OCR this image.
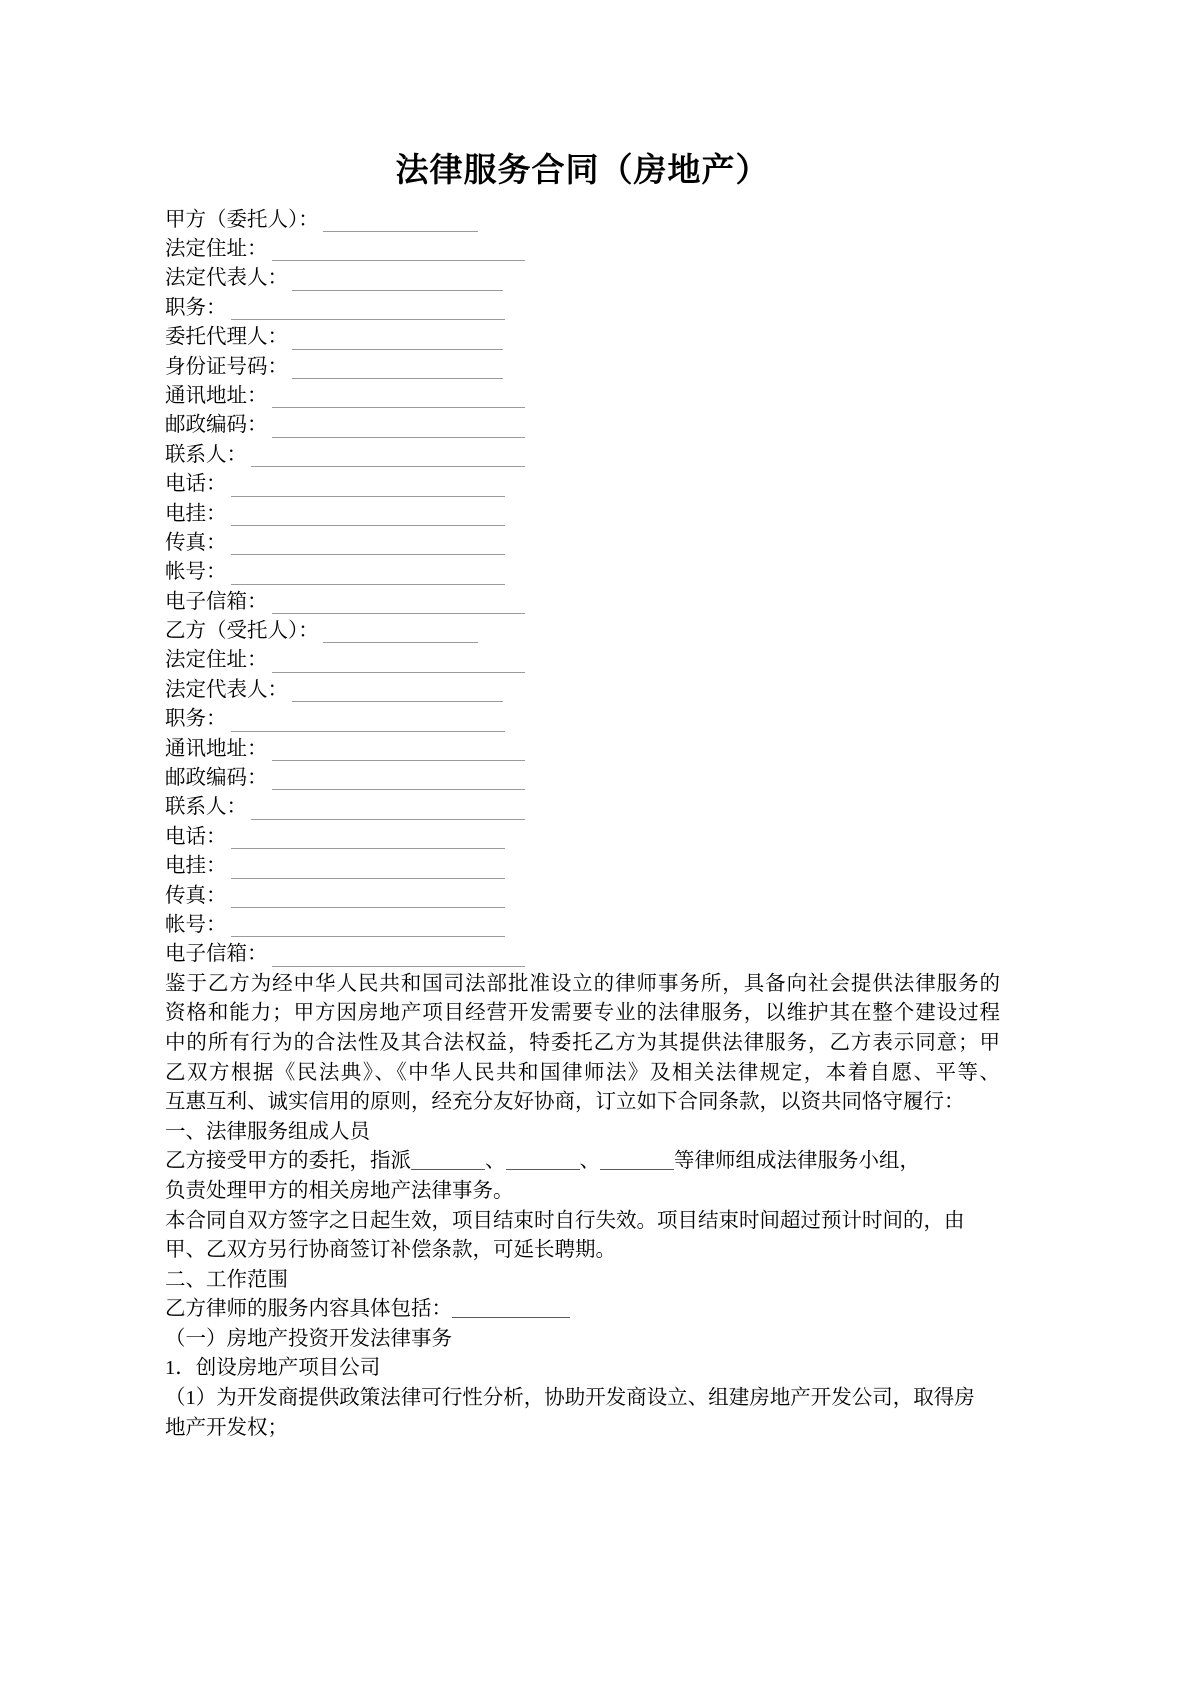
法律服务合同（房地产）
甲方（委托人）：
法定住址：
法定代表人：
职务：
委托代理人：
身份证号码：
通讯地址：
邮政编码：
联系人：
电话：
电挂：
传真：
帐号：
电子信箱：
乙方（受托人）：
法定住址：
法定代表人：
职务：
通讯地址：
邮政编码：
联系人：
电话：
电挂：
传真：
帐号：
电子信箱：
鉴于乙方为经中华人民共和国司法部批准设立的律师事务所，具备向社会提供法律服务的
资格和能力；甲方因房地产项目经营开发需要专业的法律服务，以维护其在整个建设过程
中的所有行为的合法性及其合法权益，特委托乙方为其提供法律服务，乙方表示同意；甲
乙双方根据《民法典》、《中华人民共和国律师法》及相关法律规定，本着自愿、平等、
互惠互利、诚实信用的原则，经充分友好协商，订立如下合同条款，以资共同恪守履行：
一、法律服务组成人员
乙方接受甲方的委托，指派	、	、	等律师组成法律服务小组，
负责处理甲方的相关房地产法律事务。
本合同自双方签字之日起生效，项目结束时自行失效。项目结束时间超过预计时间的，由
甲、乙双方另行协商签订补偿条款，可延长聘期。
二、工作范围
乙方律师的服务内容具体包括：
（一）房地产投资开发法律事务
1．创设房地产项目公司
（1）为开发商提供政策法律可行性分析，协助开发商设立、组建房地产开发公司，取得房
地产开发权；
